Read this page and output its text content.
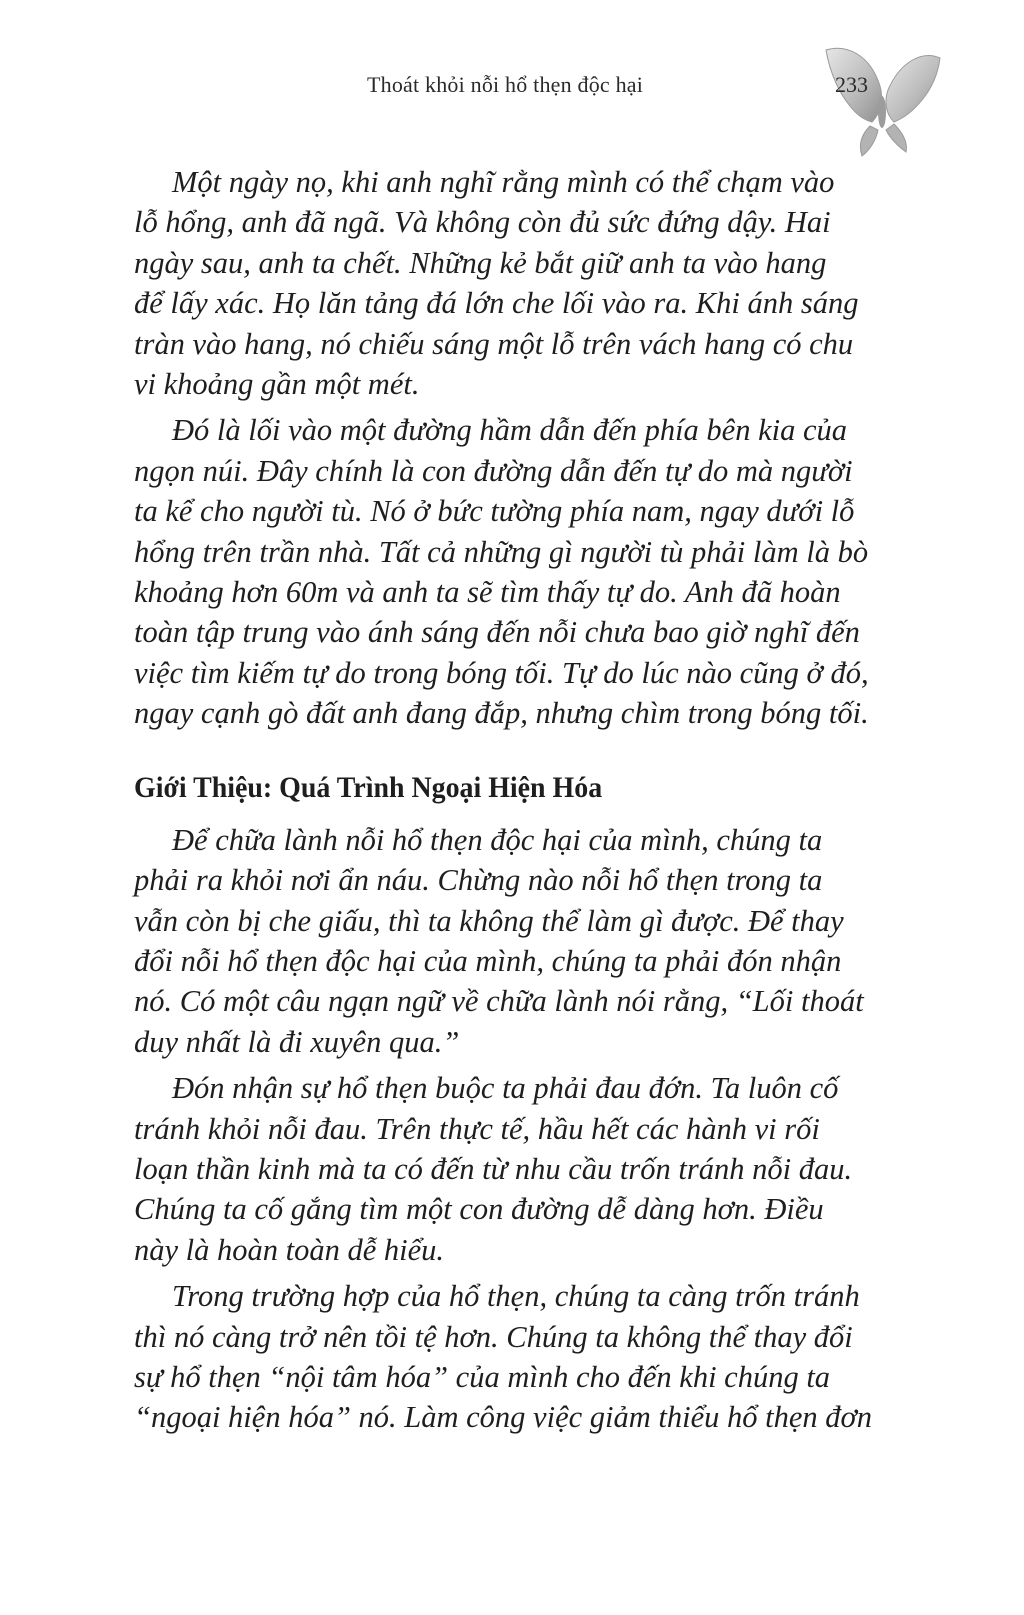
Thoát khỏi nỗi hổ thẹn độc hại	233
Một ngày nọ, khi anh nghĩ rằng mình có thể chạm vào
lỗ hổng, anh đã ngã. Và không còn đủ sức đứng dậy. Hai
ngày sau, anh ta chết. Những kẻ bắt giữ anh ta vào hang
để lấy xác. Họ lăn tảng đá lớn che lối vào ra. Khi ánh sáng
tràn vào hang, nó chiếu sáng một lỗ trên vách hang có chu
vi khoảng gần một mét.
Đó là lối vào một đường hầm dẫn đến phía bên kia của
ngọn núi. Đây chính là con đường dẫn đến tự do mà người
ta kể cho người tù. Nó ở bức tường phía nam, ngay dưới lỗ
hổng trên trần nhà. Tất cả những gì người tù phải làm là bò
khoảng hơn 60m và anh ta sẽ tìm thấy tự do. Anh đã hoàn
toàn tập trung vào ánh sáng đến nỗi chưa bao giờ nghĩ đến
việc tìm kiếm tự do trong bóng tối. Tự do lúc nào cũng ở đó,
ngay cạnh gò đất anh đang đắp, nhưng chìm trong bóng tối.
Giới Thiệu: Quá Trình Ngoại Hiện Hóa
Để chữa lành nỗi hổ thẹn độc hại của mình, chúng ta
phải ra khỏi nơi ẩn náu. Chừng nào nỗi hổ thẹn trong ta
vẫn còn bị che giấu, thì ta không thể làm gì được. Để thay
đổi nỗi hổ thẹn độc hại của mình, chúng ta phải đón nhận
nó. Có một câu ngạn ngữ về chữa lành nói rằng, “Lối thoát
duy nhất là đi xuyên qua.”
Đón nhận sự hổ thẹn buộc ta phải đau đớn. Ta luôn cố
tránh khỏi nỗi đau. Trên thực tế, hầu hết các hành vi rối
loạn thần kinh mà ta có đến từ nhu cầu trốn tránh nỗi đau.
Chúng ta cố gắng tìm một con đường dễ dàng hơn. Điều
này là hoàn toàn dễ hiểu.
Trong trường hợp của hổ thẹn, chúng ta càng trốn tránh
thì nó càng trở nên tồi tệ hơn. Chúng ta không thể thay đổi
sự hổ thẹn “nội tâm hóa” của mình cho đến khi chúng ta
“ngoại hiện hóa” nó. Làm công việc giảm thiểu hổ thẹn đơn
